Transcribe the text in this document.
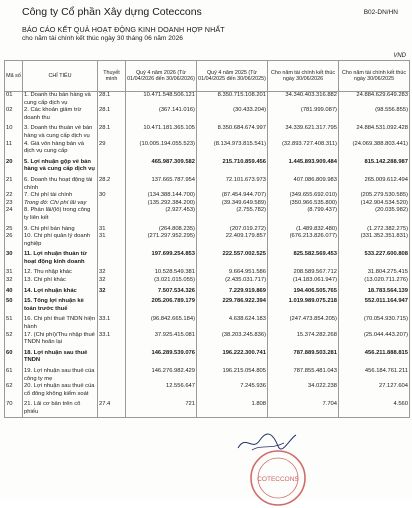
Công ty Cổ phần Xây dựng Coteccons	B02-DN/HN
BÁO CÁO KẾT QUẢ HOẠT ĐỘNG KINH DOANH HỢP NHẤT
cho năm tài chính kết thúc ngày 30 tháng 06 năm 2026
VND
Mã số	CHỈ TIÊU	Thuyết minh	Quý 4 năm 2026 (Từ 01/04/2026 đến 30/06/2026)	Quý 4 năm 2025 (Từ 01/04/2025 đến 30/06/2025)	Cho năm tài chính kết thúc ngày 30/06/2026	Cho năm tài chính kết thúc ngày 30/06/2025
01	1. Doanh thu bán hàng và cung cấp dịch vụ	28.1	10.471.548.506.121	8.350.715.108.201	34.340.403.316.882	24.884.629.649.283
02	2. Các khoản giảm trừ doanh thu	28.1	(367.141.016)	(30.433.204)	(781.999.087)	(98.556.855)

10	3. Doanh thu thuần về bán hàng và cung cấp dịch vụ	28.1	10.471.181.365.105	8.350.684.674.997	34.339.621.317.795	24.884.531.092.428
11	4. Giá vốn hàng bán và dịch vụ cung cấp	29	(10.005.194.055.523)	(8.134.973.815.541)	(32.893.727.408.311)	(24.069.388.803.441)

20	5. Lợi nhuận gộp về bán hàng và cung cấp dịch vụ		465.987.309.582	215.710.859.456	1.445.893.909.484	815.142.288.987

21	6. Doanh thu hoạt động tài chính	28.2	137.665.787.954	72.101.673.973	407.086.809.983	265.009.612.494
22	7. Chi phí tài chính	30	(134.388.144.700)	(87.454.944.707)	(349.655.692.010)	(205.279.530.585)
23	Trong đó: Chi phí lãi vay		(135.292.384.200)	(39.349.649.589)	(350.966.535.800)	(142.904.534.520)
24	8. Phần lãi/(lỗ) trong công ty liên kết		(2.927.453)	(2.755.782)	(8.799.437)	(20.035.982)

25	9. Chi phí bán hàng	31	(264.808.235)	(207.019.272)	(1.489.832.480)	(1.272.382.275)
26	10. Chi phí quản lý doanh nghiệp	31	(271.297.952.295)	22.409.179.857	(676.213.826.077)	(331.352.351.831)

30	11. Lợi nhuận thuần từ hoạt động kinh doanh		197.699.254.853	222.557.002.525	825.582.569.453	533.227.600.808

31	12. Thu nhập khác	32	10.528.549.381	9.664.951.586	208.589.567.712	31.804.275.415
32	13. Chi phí khác	32	(3.021.015.055)	(2.435.031.717)	(14.183.061.947)	(13.020.711.276)

40	14. Lợi nhuận khác	32	7.507.534.326	7.229.919.869	194.406.505.765	18.783.564.139

50	15. Tổng lợi nhuận kế toán trước thuế		205.206.789.179	229.786.922.394	1.019.989.075.218	552.011.164.947

51	16. Chi phí thuế TNDN hiện hành	33.1	(96.842.665.184)	4.638.624.183	(247.473.854.205)	(70.054.930.715)
52	17. (Chi phí)/Thu nhập thuế TNDN hoãn lại	33.1	37.925.415.081	(38.203.245.836)	15.374.282.268	(25.044.443.207)

60	18. Lợi nhuận sau thuế TNDN		146.289.539.076	196.222.300.741	787.889.503.281	456.211.888.815

61	19. Lợi nhuận sau thuế của công ty mẹ		146.276.982.429	196.215.054.805	787.855.481.043	456.184.761.211
62	20. Lợi nhuận sau thuế của cổ đông không kiểm soát		12.556.647	7.245.936	34.022.238	27.127.604

70	21. Lãi cơ bản trên cổ phiếu	27.4	721	1.808	7.704	4.560
COTECCONS
